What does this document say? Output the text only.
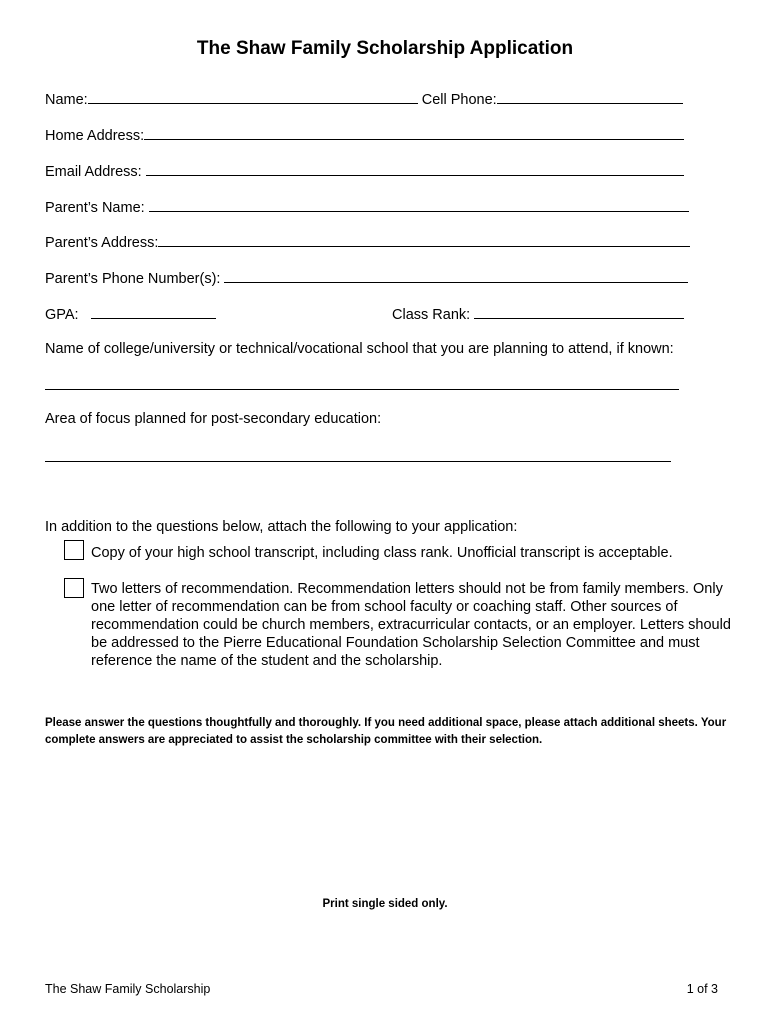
The Shaw Family Scholarship Application
Name:	Cell Phone:
Home Address:
Email Address:
Parent’s Name:
Parent’s Address:
Parent’s Phone Number(s):
GPA:	Class Rank:
Name of college/university or technical/vocational school that you are planning to attend, if known:
Area of focus planned for post-secondary education:
In addition to the questions below, attach the following to your application:
Copy of your high school transcript, including class rank. Unofficial transcript is acceptable.
Two letters of recommendation. Recommendation letters should not be from family members. Only one letter of recommendation can be from school faculty or coaching staff. Other sources of recommendation could be church members, extracurricular contacts, or an employer. Letters should be addressed to the Pierre Educational Foundation Scholarship Selection Committee and must reference the name of the student and the scholarship.
Please answer the questions thoughtfully and thoroughly. If you need additional space, please attach additional sheets. Your complete answers are appreciated to assist the scholarship committee with their selection.
Print single sided only.
The Shaw Family Scholarship	1 of 3
